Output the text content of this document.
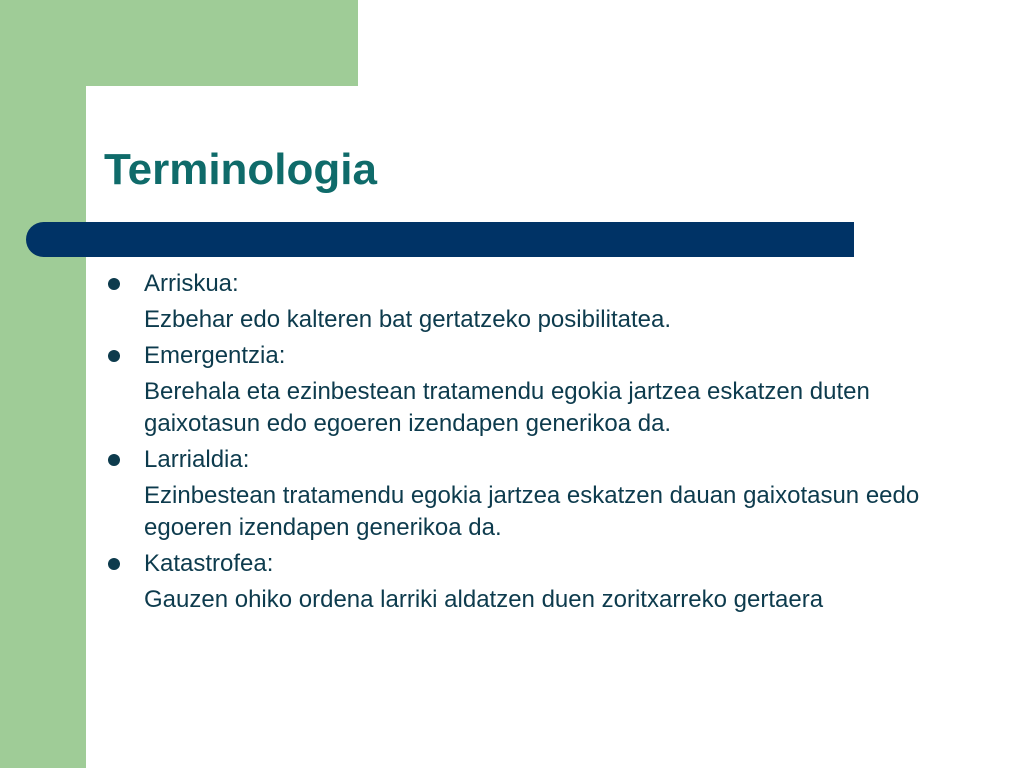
Terminologia
Arriskua:

Ezbehar edo kalteren bat gertatzeko posibilitatea.

Emergentzia:

Berehala eta ezinbestean tratamendu egokia jartzea eskatzen duten gaixotasun edo egoeren izendapen generikoa da.

Larrialdia:

Ezinbestean tratamendu egokia jartzea eskatzen dauan gaixotasun eedo egoeren izendapen generikoa da.

Katastrofea:

Gauzen ohiko ordena larriki aldatzen duen zoritxarreko gertaera
